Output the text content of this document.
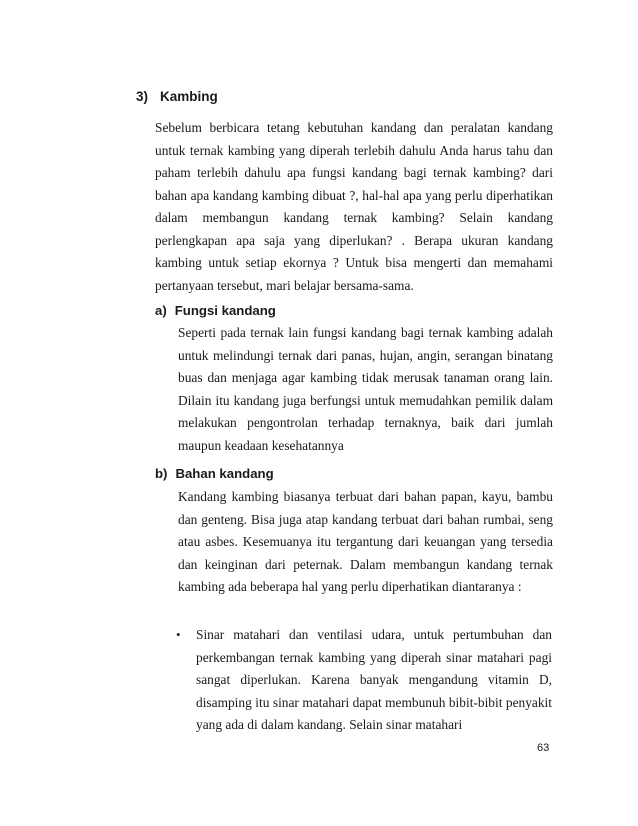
3) Kambing
Sebelum berbicara tetang kebutuhan kandang dan peralatan kandang untuk ternak kambing yang diperah terlebih dahulu Anda harus tahu dan paham terlebih dahulu apa fungsi kandang bagi ternak kambing? dari bahan apa kandang kambing dibuat ?, hal-hal apa yang perlu diperhatikan dalam membangun kandang ternak kambing? Selain kandang perlengkapan apa saja yang diperlukan? . Berapa ukuran kandang kambing untuk setiap ekornya ? Untuk bisa mengerti dan memahami pertanyaan tersebut, mari belajar bersama-sama.
a) Fungsi kandang
Seperti pada ternak lain fungsi kandang bagi ternak kambing adalah untuk melindungi ternak dari panas, hujan, angin, serangan binatang buas dan menjaga agar kambing tidak merusak tanaman orang lain. Dilain itu kandang juga berfungsi untuk memudahkan pemilik dalam melakukan pengontrolan terhadap ternaknya, baik dari jumlah maupun keadaan kesehatannya
b) Bahan kandang
Kandang kambing biasanya terbuat dari bahan papan, kayu, bambu dan genteng. Bisa juga atap kandang terbuat dari bahan rumbai, seng atau asbes. Kesemuanya itu tergantung dari keuangan yang tersedia dan keinginan dari peternak. Dalam membangun kandang ternak kambing ada beberapa hal yang perlu diperhatikan diantaranya :
•	Sinar matahari dan ventilasi udara, untuk pertumbuhan dan perkembangan ternak kambing yang diperah sinar matahari pagi sangat diperlukan. Karena banyak mengandung vitamin D, disamping itu sinar matahari dapat membunuh bibit-bibit penyakit yang ada di dalam kandang. Selain sinar matahari
63
